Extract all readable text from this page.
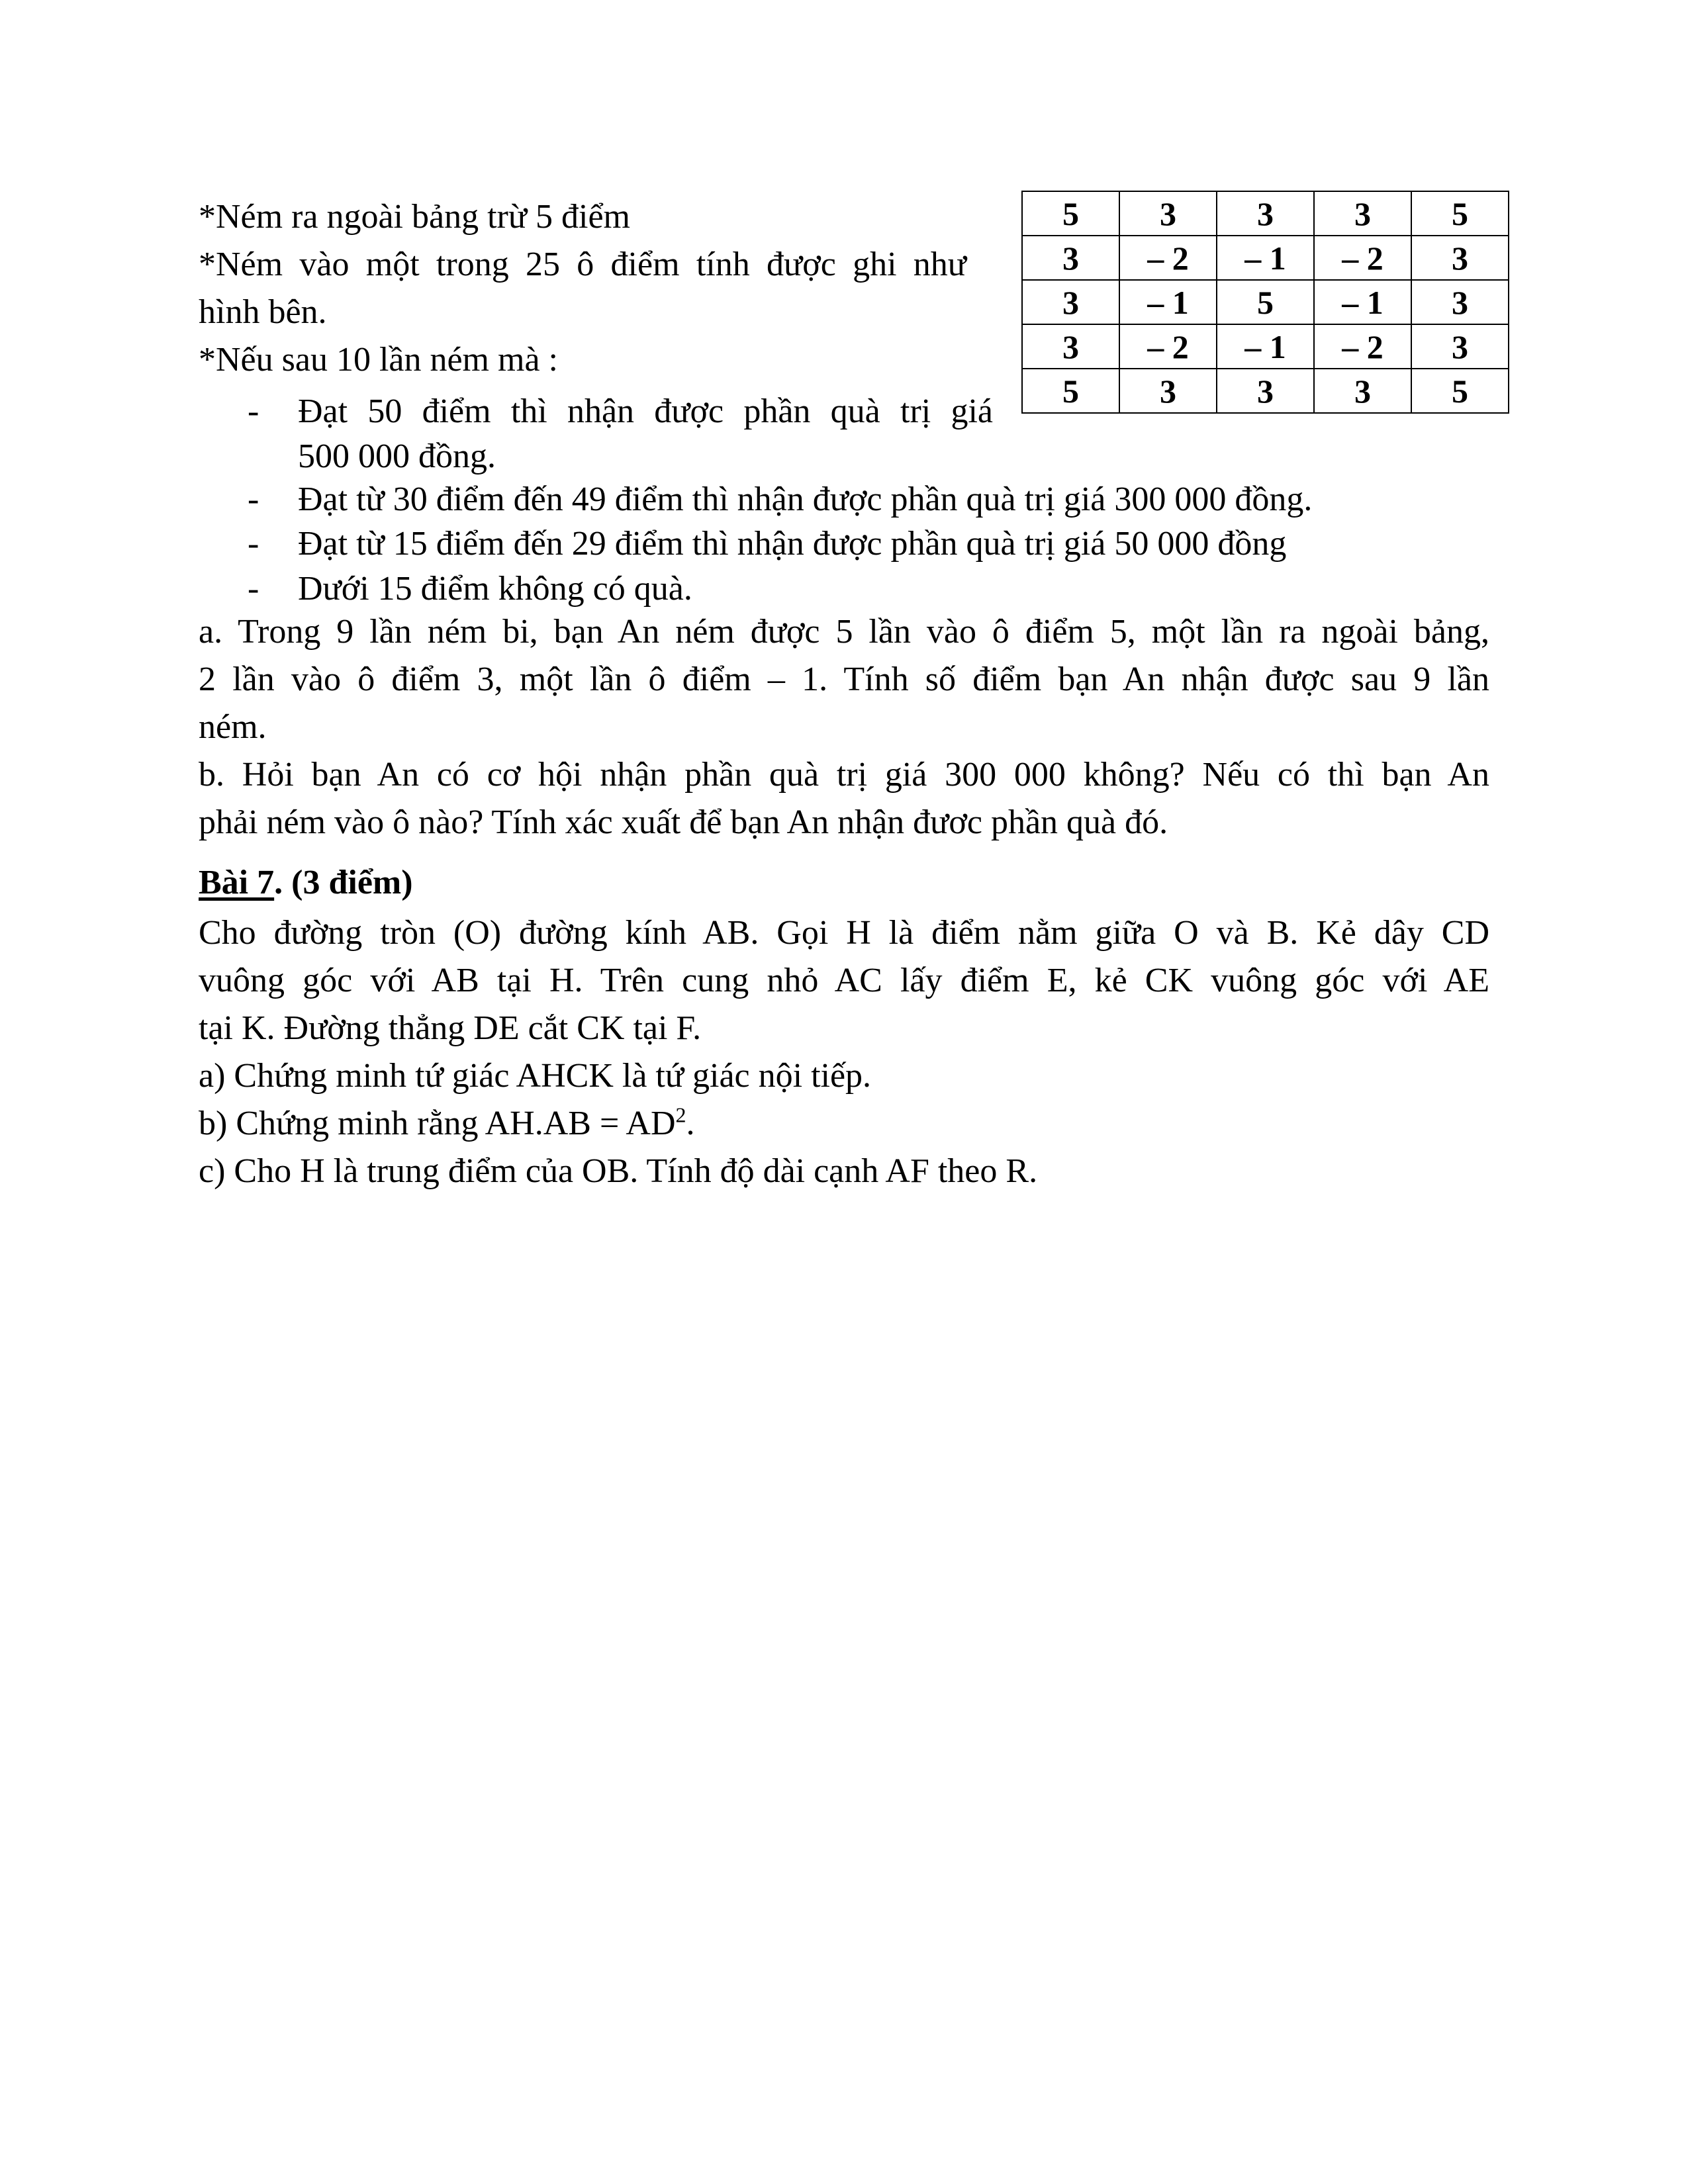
*Ném ra ngoài bảng trừ 5 điểm
*Ném vào một trong 25 ô điểm tính được ghi như
hình bên.
*Nếu sau 10 lần ném mà :
- Đạt 50 điểm thì nhận được phần quà trị giá
500 000 đồng.
- Đạt từ 30 điểm đến 49 điểm thì nhận được phần quà trị giá 300 000 đồng.
- Đạt từ 15 điểm đến 29 điểm thì nhận được phần quà trị giá 50 000 đồng
- Dưới 15 điểm không có quà.
5	3	3	3	5
3	– 2	– 1	– 2	3
3	– 1	5	– 1	3
3	– 2	– 1	– 2	3
5	3	3	3	5
a. Trong 9 lần ném bi, bạn An ném được 5 lần vào ô điểm 5, một lần ra ngoài bảng,
2 lần vào ô điểm 3, một lần ô điểm – 1. Tính số điểm bạn An nhận được sau 9 lần
ném.
b. Hỏi bạn An có cơ hội nhận phần quà trị giá 300 000 không? Nếu có thì bạn An
phải ném vào ô nào? Tính xác xuất để bạn An nhận đươc phần quà đó.
Bài 7. (3 điểm)
Cho đường tròn (O) đường kính AB. Gọi H là điểm nằm giữa O và B. Kẻ dây CD
vuông góc với AB tại H. Trên cung nhỏ AC lấy điểm E, kẻ CK vuông góc với AE
tại K. Đường thẳng DE cắt CK tại F.
a) Chứng minh tứ giác AHCK là tứ giác nội tiếp.
b) Chứng minh rằng $AH.AB = AD^2$.
c) Cho H là trung điểm của OB. Tính độ dài cạnh AF theo R.
